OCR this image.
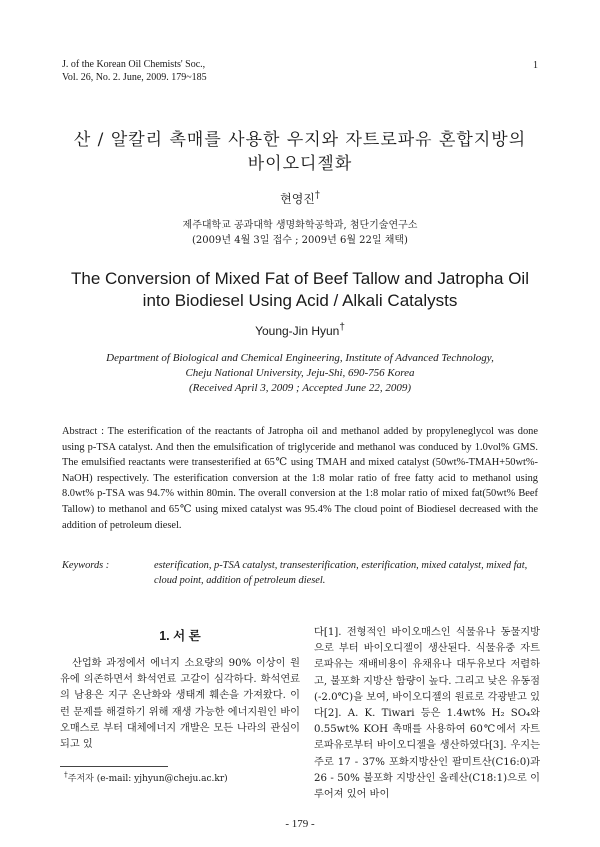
J. of the Korean Oil Chemists' Soc.,
Vol. 26, No. 2. June, 2009. 179~185
1
산 / 알칼리 촉매를 사용한 우지와 자트로파유 혼합지방의
바이오디젤화
현영진†
제주대학교 공과대학 생명화학공학과, 첨단기술연구소
(2009년 4월 3일 접수 ; 2009년 6월 22일 채택)
The Conversion of Mixed Fat of Beef Tallow and Jatropha Oil
into Biodiesel Using Acid / Alkali Catalysts
Young-Jin Hyun†
Department of Biological and Chemical Engineering, Institute of Advanced Technology,
Cheju National University, Jeju-Shi, 690-756 Korea
(Received April 3, 2009 ; Accepted June 22, 2009)
Abstract : The esterification of the reactants of Jatropha oil and methanol added by propyleneglycol was done using p-TSA catalyst. And then the emulsification of triglyceride and methanol was conduced by 1.0vol% GMS. The emulsified reactants were transesterified at 65℃ using TMAH and mixed catalyst (50wt%-TMAH+50wt%-NaOH) respectively. The esterification conversion at the 1:8 molar ratio of free fatty acid to methanol using 8.0wt% p-TSA was 94.7% within 80min. The overall conversion at the 1:8 molar ratio of mixed fat(50wt% Beef Tallow) to methanol and 65℃ using mixed catalyst was 95.4% The cloud point of Biodiesel decreased with the addition of petroleum diesel.
Keywords :	esterification, p-TSA catalyst, transesterification, esterification, mixed catalyst, mixed fat, cloud point, addition of petroleum diesel.
1. 서 론
산업화 과정에서 에너지 소요량의 90% 이상이 원유에 의존하면서 화석연료 고갈이 심각하다. 화석연료의 남용은 지구 온난화와 생태계 훼손을 가져왔다. 이런 문제를 해결하기 위해 재생 가능한 에너지원인 바이오매스로 부터 대체에너지 개발은 모든 나라의 관심이 되고 있
다[1]. 전형적인 바이오매스인 식물유나 동물지방으로 부터 바이오디젤이 생산된다. 식물유중 자트로파유는 재배비용이 유채유나 대두유보다 저렴하고, 불포화 지방산 함량이 높다. 그리고 낮은 유동점(-2.0℃)을 보여, 바이오디젤의 원료로 각광받고 있다[2]. A. K. Tiwari 등은 1.4wt% H₂ SO₄와 0.55wt% KOH 촉매를 사용하여 60℃에서 자트로파유로부터 바이오디젤을 생산하였다[3]. 우지는 주로 17 - 37% 포화지방산인 팔미트산(C16:0)과 26 - 50% 불포화 지방산인 올레산(C18:1)으로 이루어져 있어 바이
†주저자 (e-mail: yjhyun@cheju.ac.kr)
- 179 -
